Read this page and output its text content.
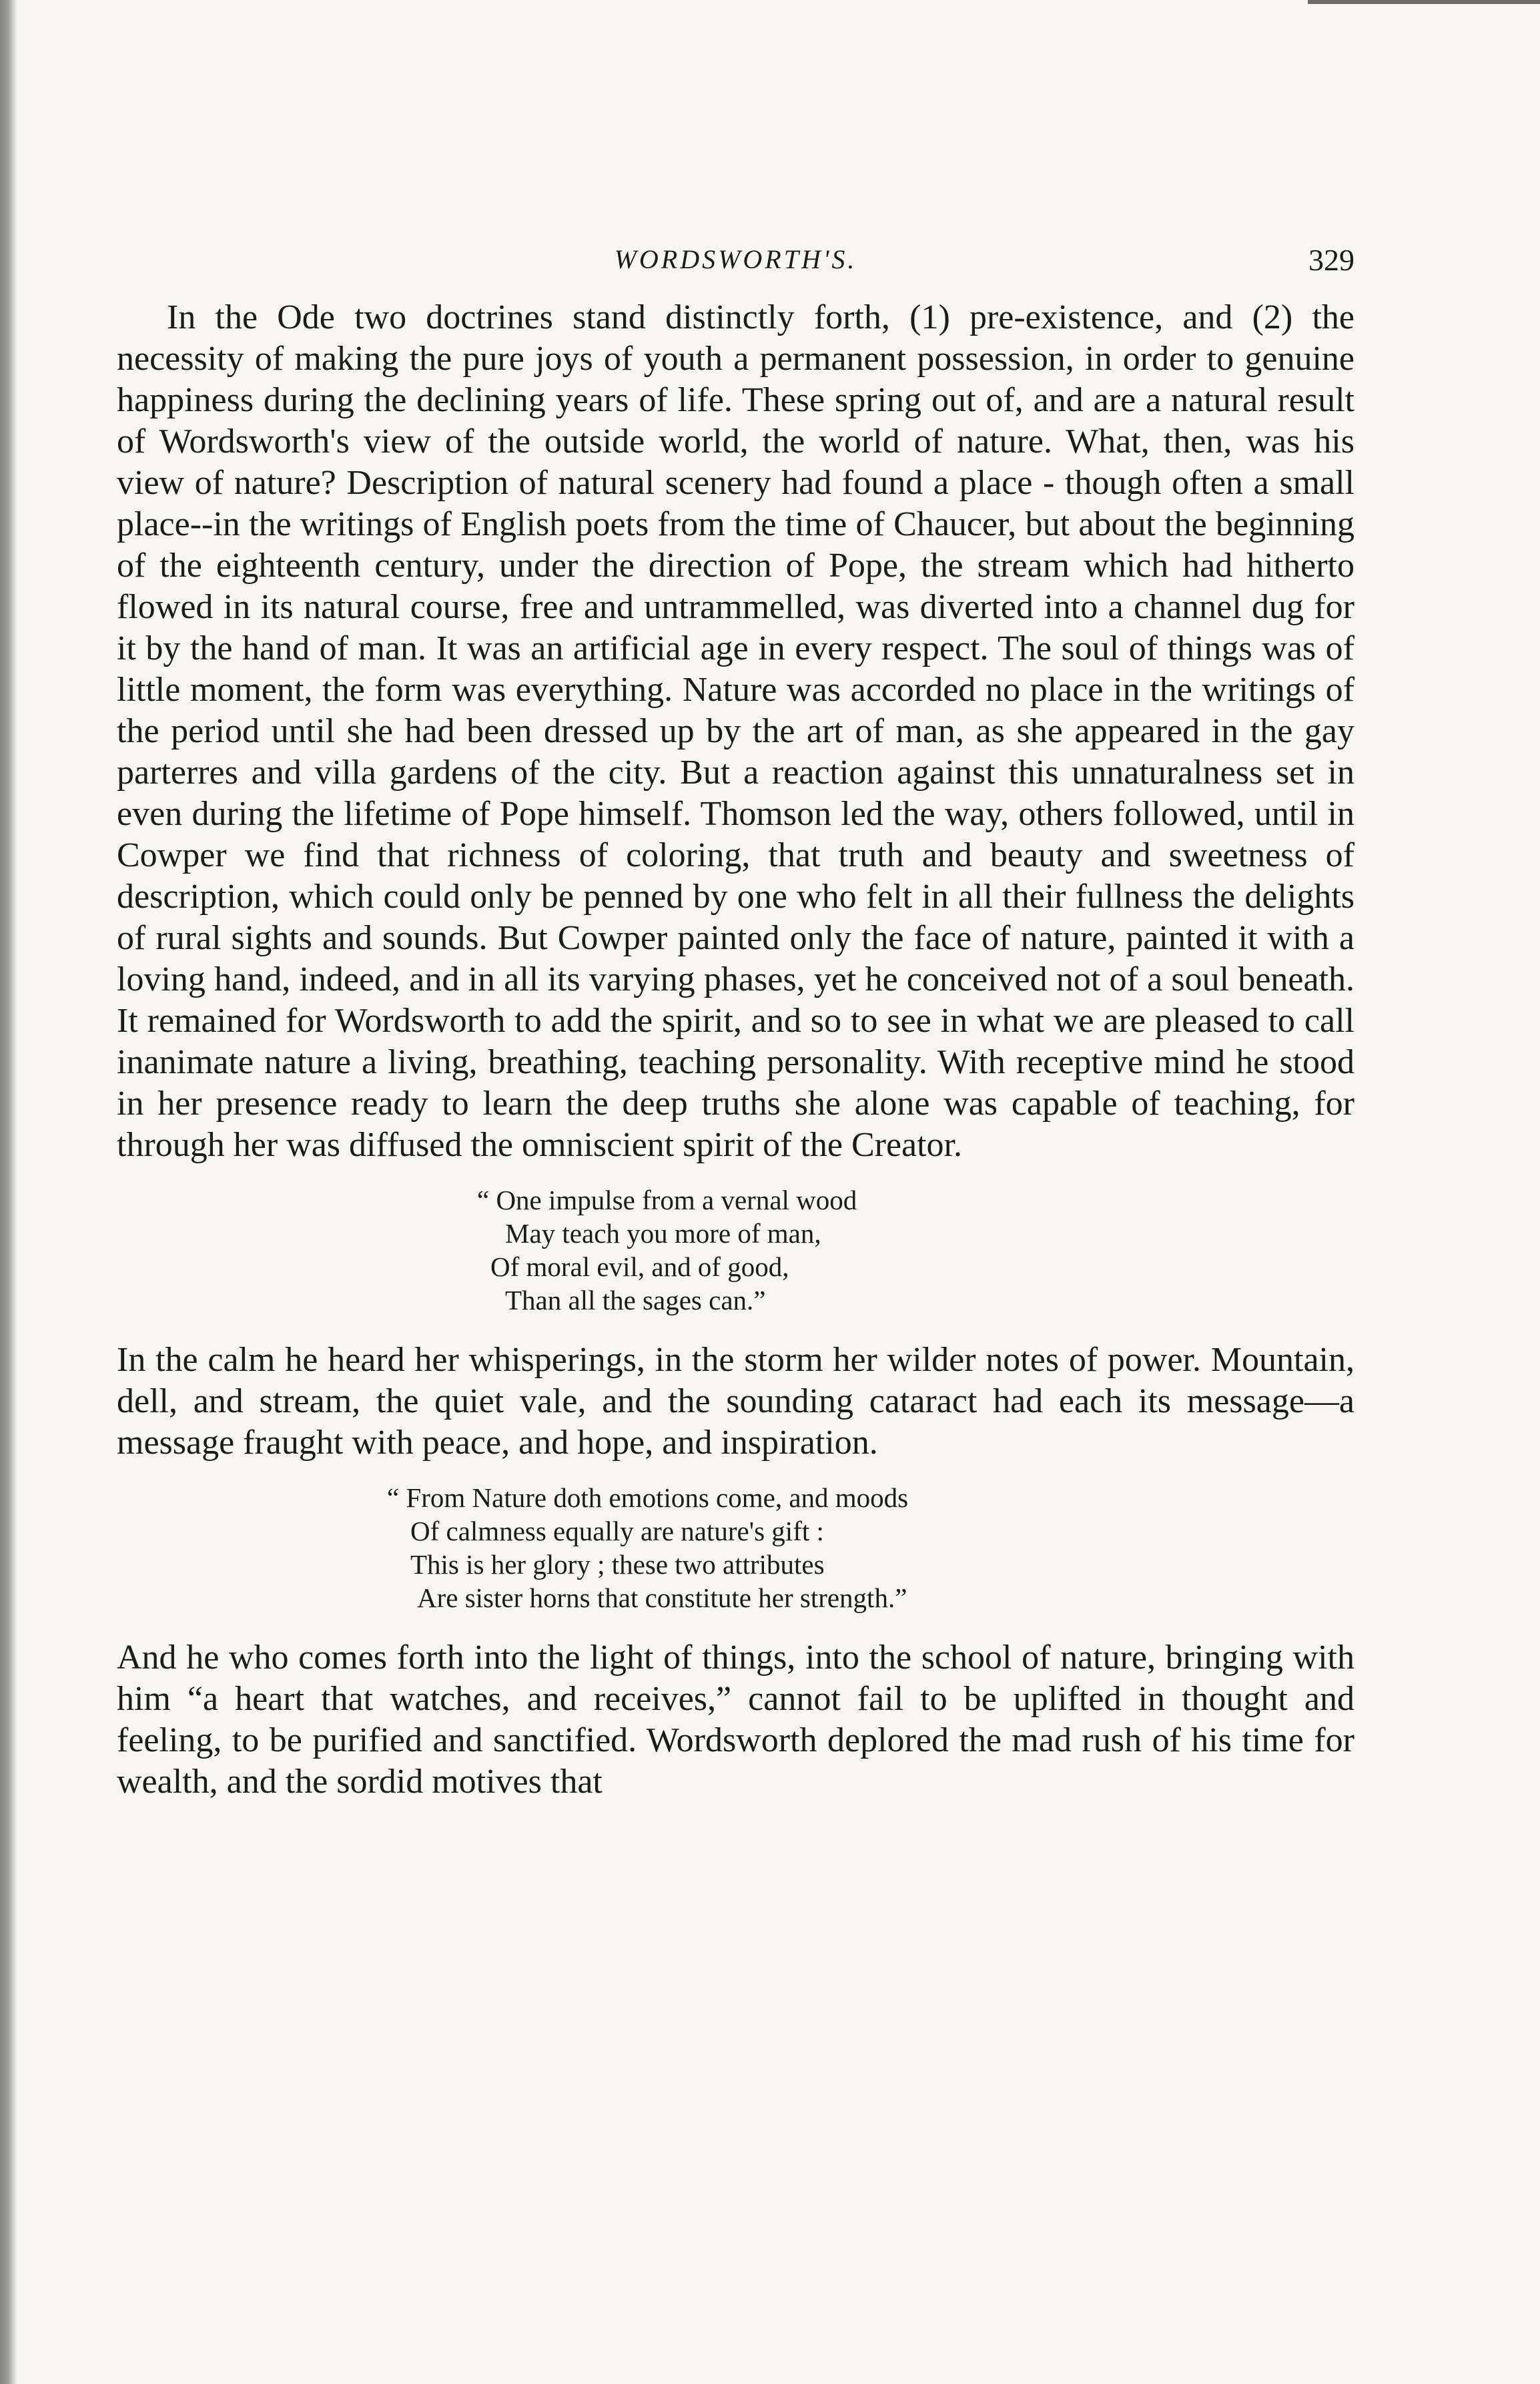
WORDSWORTH'S.	329

In the Ode two doctrines stand distinctly forth, (1) pre-existence, and (2) the necessity of making the pure joys of youth a permanent possession, in order to genuine happiness during the declining years of life. These spring out of, and are a natural result of Wordsworth's view of the outside world, the world of nature. What, then, was his view of nature? Description of natural scenery had found a place - though often a small place--in the writings of English poets from the time of Chaucer, but about the beginning of the eighteenth century, under the direction of Pope, the stream which had hitherto flowed in its natural course, free and untrammelled, was diverted into a channel dug for it by the hand of man. It was an artificial age in every respect. The soul of things was of little moment, the form was everything. Nature was accorded no place in the writings of the period until she had been dressed up by the art of man, as she appeared in the gay parterres and villa gardens of the city. But a reaction against this unnaturalness set in even during the lifetime of Pope himself. Thomson led the way, others followed, until in Cowper we find that richness of coloring, that truth and beauty and sweetness of description, which could only be penned by one who felt in all their fullness the delights of rural sights and sounds. But Cowper painted only the face of nature, painted it with a loving hand, indeed, and in all its varying phases, yet he conceived not of a soul beneath. It remained for Wordsworth to add the spirit, and so to see in what we are pleased to call inanimate nature a living, breathing, teaching personality. With receptive mind he stood in her presence ready to learn the deep truths she alone was capable of teaching, for through her was diffused the omniscient spirit of the Creator.

“ One impulse from a vernal wood
May teach you more of man,
Of moral evil, and of good,
Than all the sages can.”

In the calm he heard her whisperings, in the storm her wilder notes of power. Mountain, dell, and stream, the quiet vale, and the sounding cataract had each its message—a message fraught with peace, and hope, and inspiration.

“ From Nature doth emotions come, and moods
Of calmness equally are nature's gift :
This is her glory ; these two attributes
Are sister horns that constitute her strength.”

And he who comes forth into the light of things, into the school of nature, bringing with him “a heart that watches, and receives,” cannot fail to be uplifted in thought and feeling, to be purified and sanctified. Wordsworth deplored the mad rush of his time for wealth, and the sordid motives that
